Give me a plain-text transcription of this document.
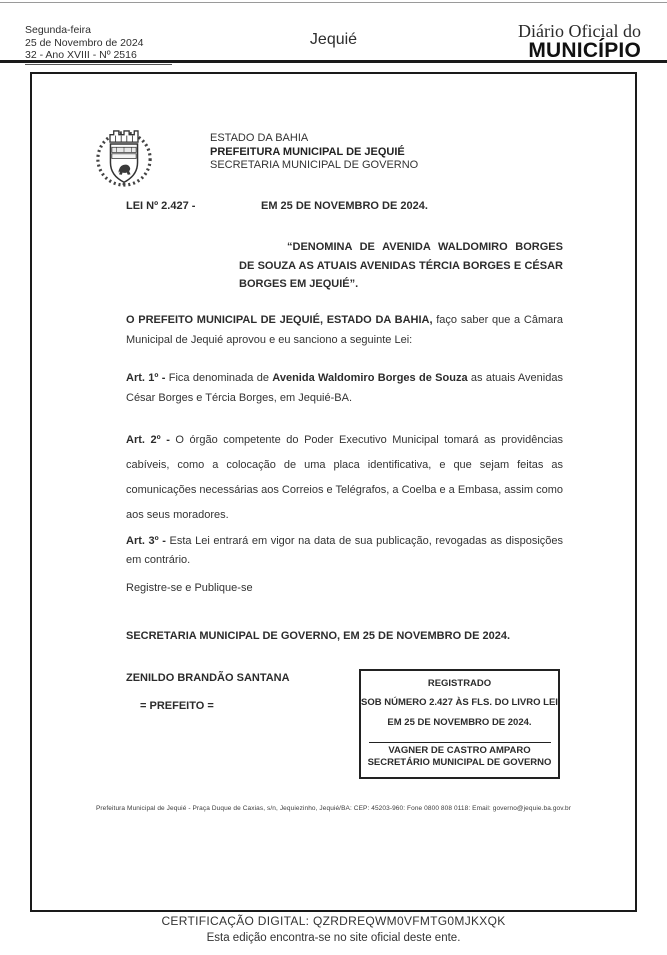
Segunda-feira
25 de Novembro de 2024
32 - Ano XVIII - Nº 2516
Jequié	Diário Oficial do
MUNICÍPIO
ESTADO DA BAHIA
PREFEITURA MUNICIPAL DE JEQUIÉ
SECRETARIA MUNICIPAL DE GOVERNO
LEI Nº 2.427 -	EM 25 DE NOVEMBRO DE 2024.
“DENOMINA DE AVENIDA WALDOMIRO BORGES DE SOUZA AS ATUAIS AVENIDAS TÉRCIA BORGES E CÉSAR BORGES EM JEQUIÉ”.
O PREFEITO MUNICIPAL DE JEQUIÉ, ESTADO DA BAHIA, faço saber que a Câmara Municipal de Jequié aprovou e eu sanciono a seguinte Lei:
Art. 1º - Fica denominada de Avenida Waldomiro Borges de Souza as atuais Avenidas César Borges e Tércia Borges, em Jequié-BA.
Art. 2º - O órgão competente do Poder Executivo Municipal tomará as providências cabíveis, como a colocação de uma placa identificativa, e que sejam feitas as comunicações necessárias aos Correios e Telégrafos, a Coelba e a Embasa, assim como aos seus moradores.
Art. 3º - Esta Lei entrará em vigor na data de sua publicação, revogadas as disposições em contrário.
Registre-se e Publique-se
SECRETARIA MUNICIPAL DE GOVERNO, EM 25 DE NOVEMBRO DE 2024.
ZENILDO BRANDÃO SANTANA
= PREFEITO =
REGISTRADO
SOB NÚMERO 2.427 ÀS FLS. DO LIVRO LEI
EM 25 DE NOVEMBRO DE 2024.
VAGNER DE CASTRO AMPARO
SECRETÁRIO MUNICIPAL DE GOVERNO
Prefeitura Municipal de Jequié - Praça Duque de Caxias, s/n, Jequiezinho, Jequié/BA: CEP: 45203-960: Fone 0800 808 0118: Email: governo@jequie.ba.gov.br
CERTIFICAÇÃO DIGITAL: QZRDREQWM0VFMTG0MJKXQK
Esta edição encontra-se no site oficial deste ente.
